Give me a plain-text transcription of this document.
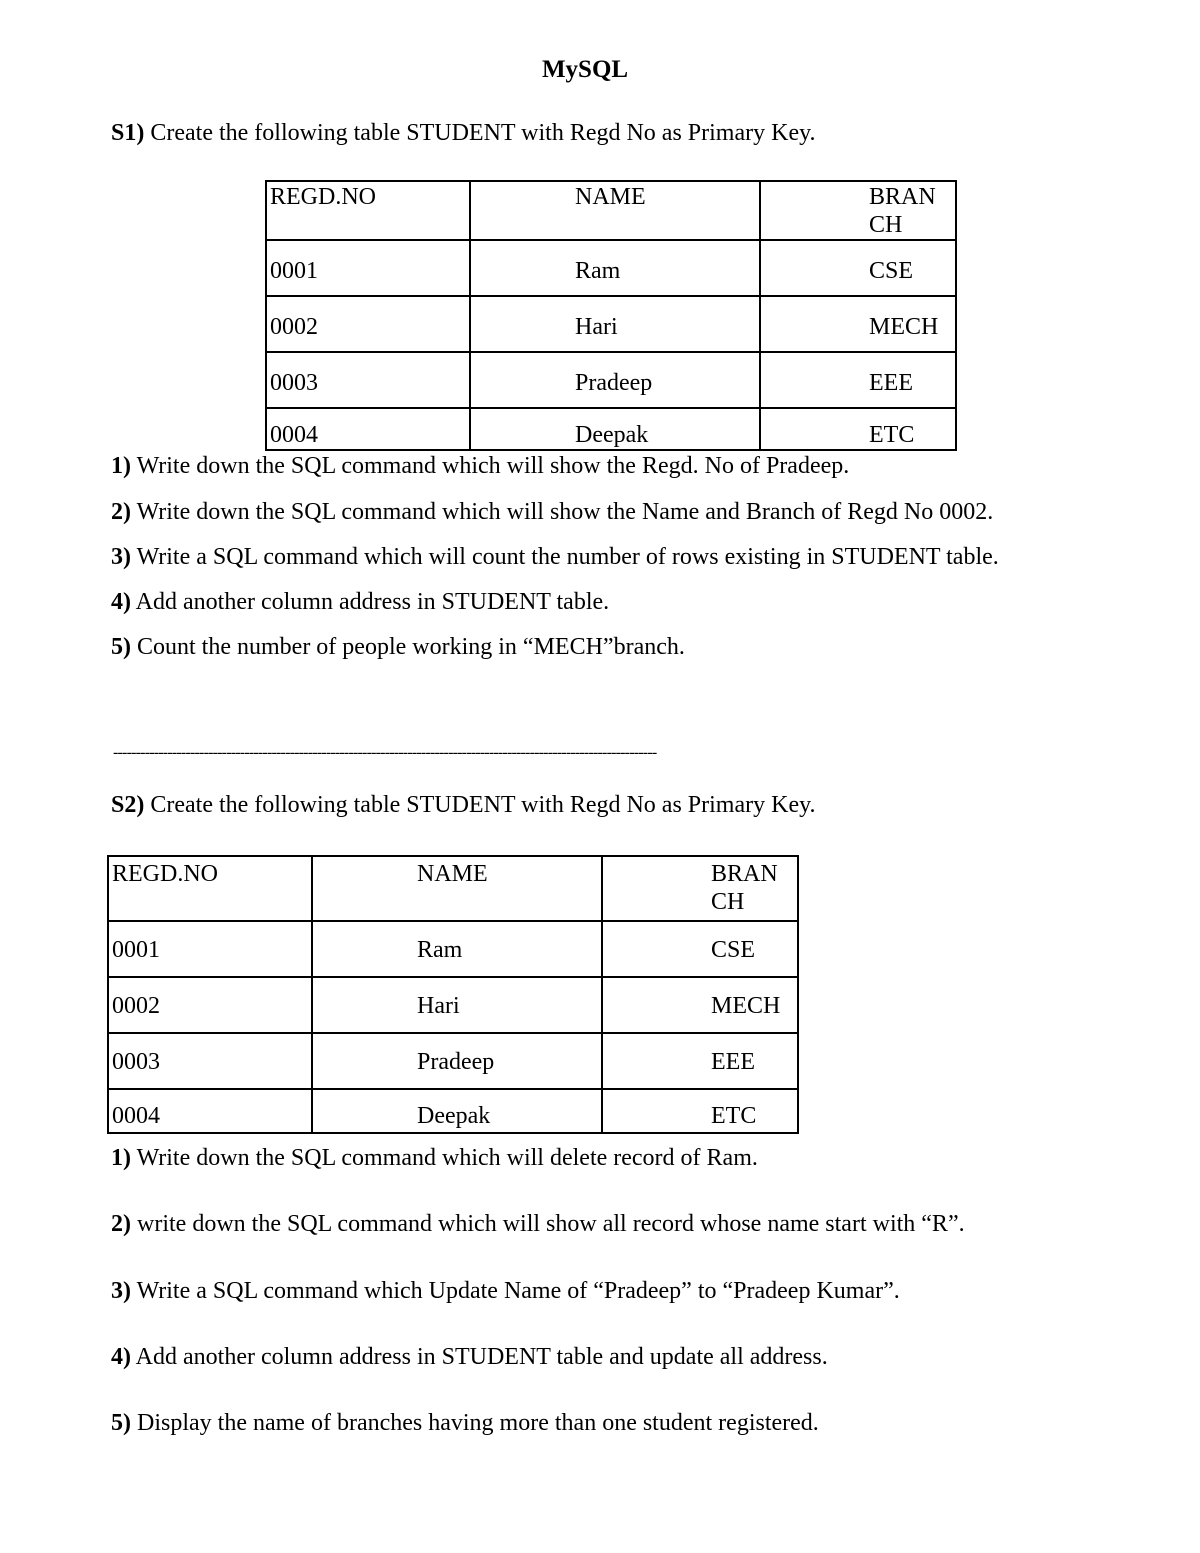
MySQL
S1) Create the following table STUDENT with Regd No as Primary Key.
REGD.NO	NAME	BRAN CH
0001	Ram	CSE
0002	Hari	MECH
0003	Pradeep	EEE
0004	Deepak	ETC
1) Write down the SQL command which will show the Regd. No of Pradeep.
2) Write down the SQL command which will show the Name and Branch of Regd No 0002.
3) Write a SQL command which will count the number of rows existing in STUDENT table.
4) Add another column address in STUDENT table.
5) Count the number of people working in “MECH”branch.
------------------------------------------------------------------------------------------------------------------------
S2) Create the following table STUDENT with Regd No as Primary Key.
REGD.NO	NAME	BRAN CH
0001	Ram	CSE
0002	Hari	MECH
0003	Pradeep	EEE
0004	Deepak	ETC
1) Write down the SQL command which will delete record of Ram.
2) write down the SQL command which will show all record whose name start with “R”.
3) Write a SQL command which Update Name of “Pradeep” to “Pradeep Kumar”.
4) Add another column address in STUDENT table and update all address.
5) Display the name of branches having more than one student registered.
